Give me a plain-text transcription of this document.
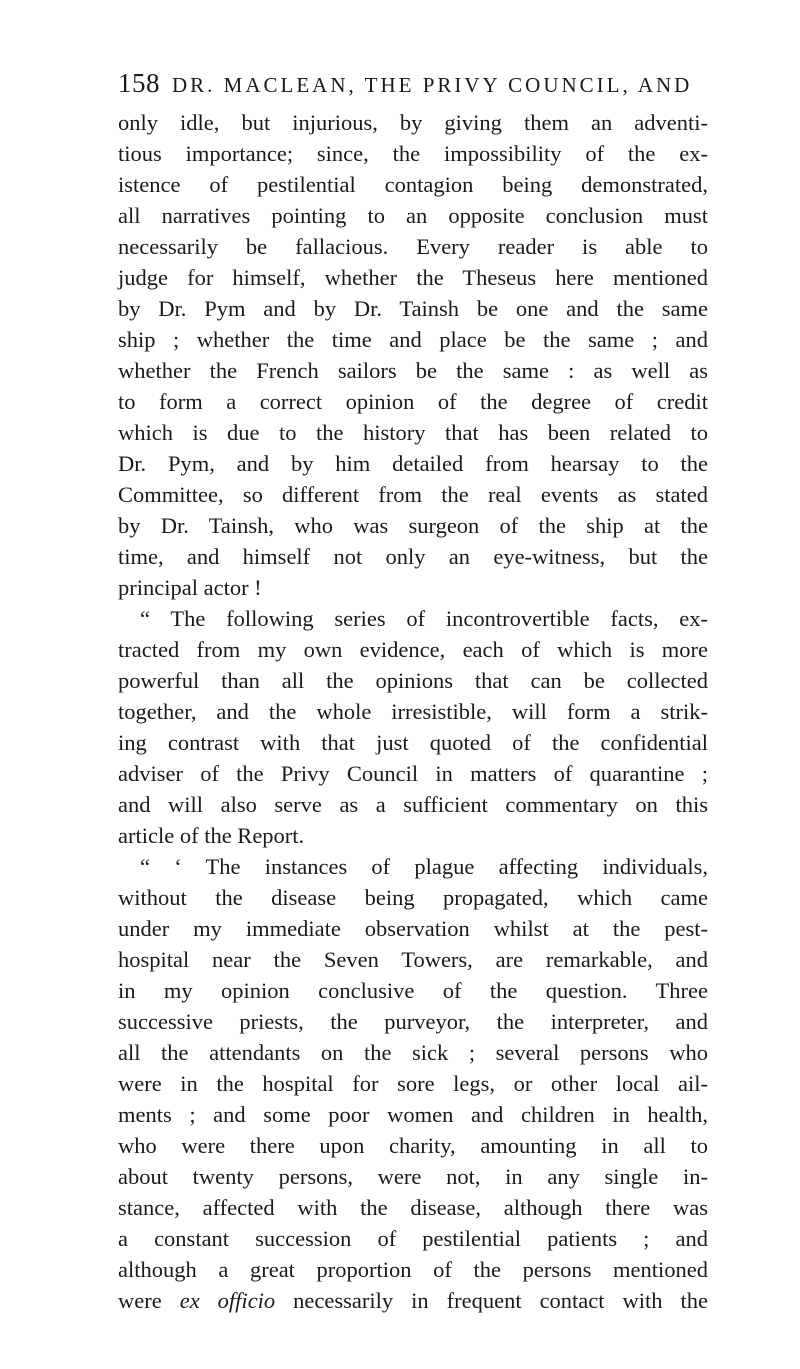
158 DR. MACLEAN, THE PRIVY COUNCIL, AND
only idle, but injurious, by giving them an adventi-
tious importance; since, the impossibility of the ex-
istence of pestilential contagion being demonstrated,
all narratives pointing to an opposite conclusion must
necessarily be fallacious. Every reader is able to
judge for himself, whether the Theseus here mentioned
by Dr. Pym and by Dr. Tainsh be one and the same
ship ; whether the time and place be the same ; and
whether the French sailors be the same : as well as
to form a correct opinion of the degree of credit
which is due to the history that has been related to
Dr. Pym, and by him detailed from hearsay to the
Committee, so different from the real events as stated
by Dr. Tainsh, who was surgeon of the ship at the
time, and himself not only an eye-witness, but the
principal actor !
“ The following series of incontrovertible facts, ex-
tracted from my own evidence, each of which is more
powerful than all the opinions that can be collected
together, and the whole irresistible, will form a strik-
ing contrast with that just quoted of the confidential
adviser of the Privy Council in matters of quarantine ;
and will also serve as a sufficient commentary on this
article of the Report.
“ ‘ The instances of plague affecting individuals,
without the disease being propagated, which came
under my immediate observation whilst at the pest-
hospital near the Seven Towers, are remarkable, and
in my opinion conclusive of the question. Three
successive priests, the purveyor, the interpreter, and
all the attendants on the sick ; several persons who
were in the hospital for sore legs, or other local ail-
ments ; and some poor women and children in health,
who were there upon charity, amounting in all to
about twenty persons, were not, in any single in-
stance, affected with the disease, although there was
a constant succession of pestilential patients ; and
although a great proportion of the persons mentioned
were ex officio necessarily in frequent contact with the
